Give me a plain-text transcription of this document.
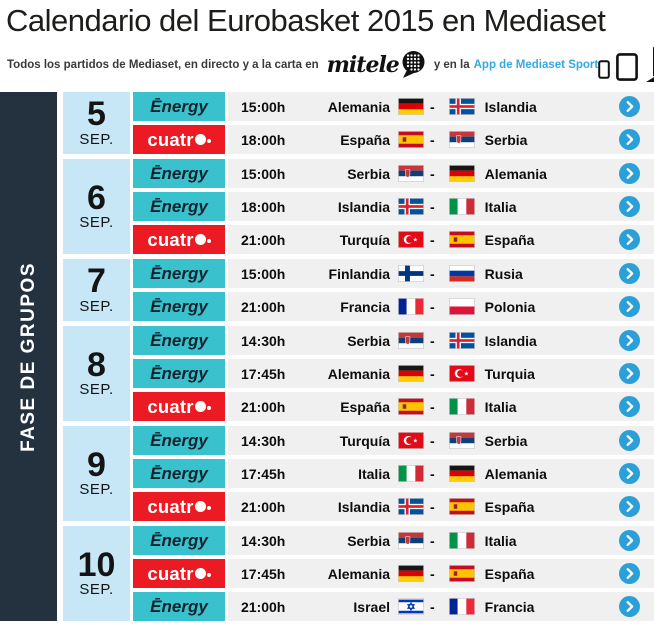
Calendario del Eurobasket 2015 en Mediaset
Todos los partidos de Mediaset, en directo y a la carta en mitele	y en la App de Mediaset Sport
FASE DE GRUPOS
5
SEP.
Ēnergy	15:00h	Alemania	-	Islandia
cuatr	18:00h	España	-	Serbia
6
SEP.
Ēnergy	15:00h	Serbia	-	Alemania
Ēnergy	18:00h	Islandia	-	Italia
cuatr	21:00h	Turquía	-	España
7
SEP.
Ēnergy	15:00h	Finlandia	-	Rusia
Ēnergy	21:00h	Francia	-	Polonia
8
SEP.
Ēnergy	14:30h	Serbia	-	Islandia
Ēnergy	17:45h	Alemania	-	Turquia
cuatr	21:00h	España	-	Italia
9
SEP.
Ēnergy	14:30h	Turquía	-	Serbia
Ēnergy	17:45h	Italia	-	Alemania
cuatr	21:00h	Islandia	-	España
10
SEP.
Ēnergy	14:30h	Serbia	-	Italia
cuatr	17:45h	Alemania	-	España
Ēnergy	21:00h	Israel	-	Francia
